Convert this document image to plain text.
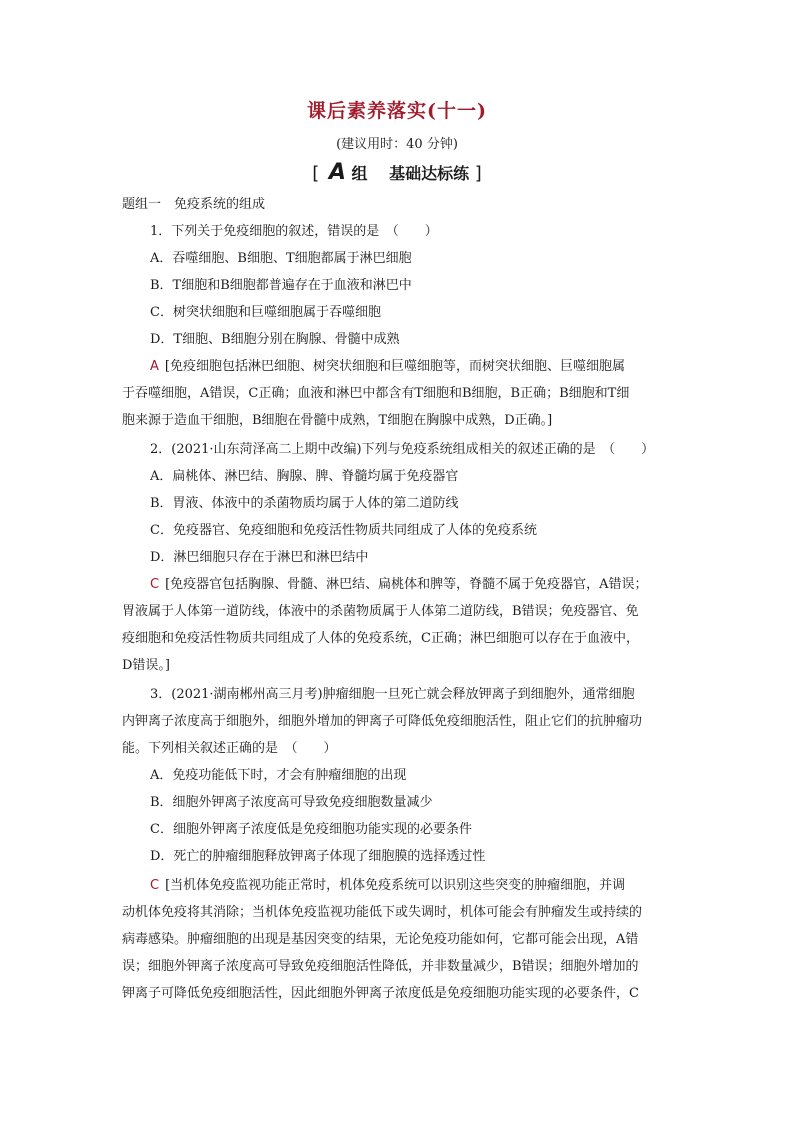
课后素养落实(十一)
(建议用时：40 分钟)
[ A 组 基础达标练 ]
题组一　免疫系统的组成
1．下列关于免疫细胞的叙述，错误的是　（　　）
A．吞噬细胞、B细胞、T细胞都属于淋巴细胞
B．T细胞和B细胞都普遍存在于血液和淋巴中
C．树突状细胞和巨噬细胞属于吞噬细胞
D．T细胞、B细胞分别在胸腺、骨髓中成熟
A [免疫细胞包括淋巴细胞、树突状细胞和巨噬细胞等，而树突状细胞、巨噬细胞属
于吞噬细胞，A错误，C正确；血液和淋巴中都含有T细胞和B细胞，B正确；B细胞和T细
胞来源于造血干细胞，B细胞在骨髓中成熟，T细胞在胸腺中成熟，D正确。]
2．(2021·山东菏泽高二上期中改编)下列与免疫系统组成相关的叙述正确的是　（　　）
A．扁桃体、淋巴结、胸腺、脾、脊髓均属于免疫器官
B．胃液、体液中的杀菌物质均属于人体的第二道防线
C．免疫器官、免疫细胞和免疫活性物质共同组成了人体的免疫系统
D．淋巴细胞只存在于淋巴和淋巴结中
C [免疫器官包括胸腺、骨髓、淋巴结、扁桃体和脾等，脊髓不属于免疫器官，A错误；
胃液属于人体第一道防线，体液中的杀菌物质属于人体第二道防线，B错误；免疫器官、免
疫细胞和免疫活性物质共同组成了人体的免疫系统，C正确；淋巴细胞可以存在于血液中，
D错误。]
3．(2021·湖南郴州高三月考)肿瘤细胞一旦死亡就会释放钾离子到细胞外，通常细胞
内钾离子浓度高于细胞外，细胞外增加的钾离子可降低免疫细胞活性，阻止它们的抗肿瘤功
能。下列相关叙述正确的是　（　　）
A．免疫功能低下时，才会有肿瘤细胞的出现
B．细胞外钾离子浓度高可导致免疫细胞数量减少
C．细胞外钾离子浓度低是免疫细胞功能实现的必要条件
D．死亡的肿瘤细胞释放钾离子体现了细胞膜的选择透过性
C [当机体免疫监视功能正常时，机体免疫系统可以识别这些突变的肿瘤细胞，并调
动机体免疫将其消除；当机体免疫监视功能低下或失调时，机体可能会有肿瘤发生或持续的
病毒感染。肿瘤细胞的出现是基因突变的结果，无论免疫功能如何，它都可能会出现，A错
误；细胞外钾离子浓度高可导致免疫细胞活性降低，并非数量减少，B错误；细胞外增加的
钾离子可降低免疫细胞活性，因此细胞外钾离子浓度低是免疫细胞功能实现的必要条件，C
